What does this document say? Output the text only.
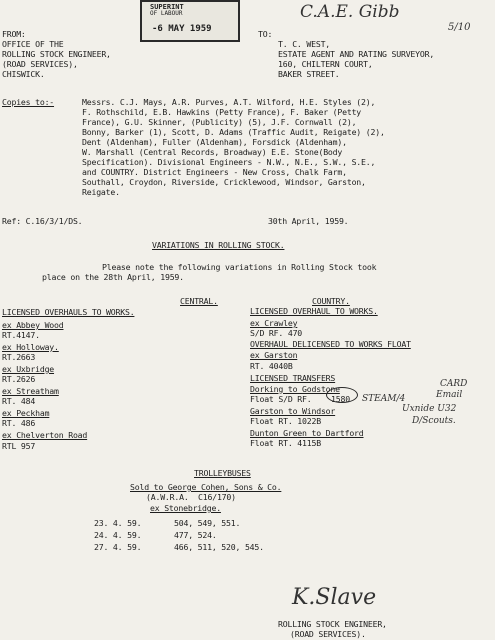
SUPERINT
OF LABOUR
-6 MAY 1959
C.A.E. Gibb
5/10
FROM:
OFFICE OF THE
ROLLING STOCK ENGINEER,
(ROAD SERVICES),
CHISWICK.
TO:
T. C. WEST,
ESTATE AGENT AND RATING SURVEYOR,
160, CHILTERN COURT,
BAKER STREET.
Copies to:-	Messrs. C.J. Mays, A.R. Purves, A.T. Wilford, H.E. Styles (2),
F. Rothschild, E.B. Hawkins (Petty France), F. Baker (Petty
France), G.U. Skinner, (Publicity) (5), J.F. Cornwall (2),
Bonny, Barker (1), Scott, D. Adams (Traffic Audit, Reigate) (2),
Dent (Aldenham), Fuller (Aldenham), Forsdick (Aldenham),
W. Marshall (Central Records, Broadway) E.E. Stone(Body
Specification). Divisional Engineers - N.W., N.E., S.W., S.E.,
and COUNTRY. District Engineers - New Cross, Chalk Farm,
Southall, Croydon, Riverside, Cricklewood, Windsor, Garston,
Reigate.
Ref: C.16/3/1/DS.	30th April, 1959.
VARIATIONS IN ROLLING STOCK.
Please note the following variations in Rolling Stock took
place on the 28th April, 1959.
CENTRAL.
LICENSED OVERHAULS TO WORKS.
ex Abbey Wood
RT.4147.
ex Holloway.
RT.2663
ex Uxbridge
RT.2626
ex Streatham
RT. 484
ex Peckham
RT. 486
ex Chelverton Road
RTL 957
COUNTRY.
LICENSED OVERHAUL TO WORKS.
ex Crawley
S/D RF. 470
OVERHAUL DELICENSED TO WORKS FLOAT
ex Garston
RT. 4040B
LICENSED TRANSFERS
Dorking to Godstone
Float S/D RF. 1580
Garston to Windsor
Float RT. 1022B
Dunton Green to Dartford
Float RT. 4115B
STEAM/4
CARD
Email
Uxnide U32
D/Scouts.
TROLLEYBUSES
Sold to George Cohen, Sons & Co.
(A.W.R.A.  C16/170)
ex Stonebridge.
23. 4. 59.	504, 549, 551.
24. 4. 59.	477, 524.
27. 4. 59.	466, 511, 520, 545.
K.Slave
ROLLING STOCK ENGINEER,
(ROAD SERVICES).
